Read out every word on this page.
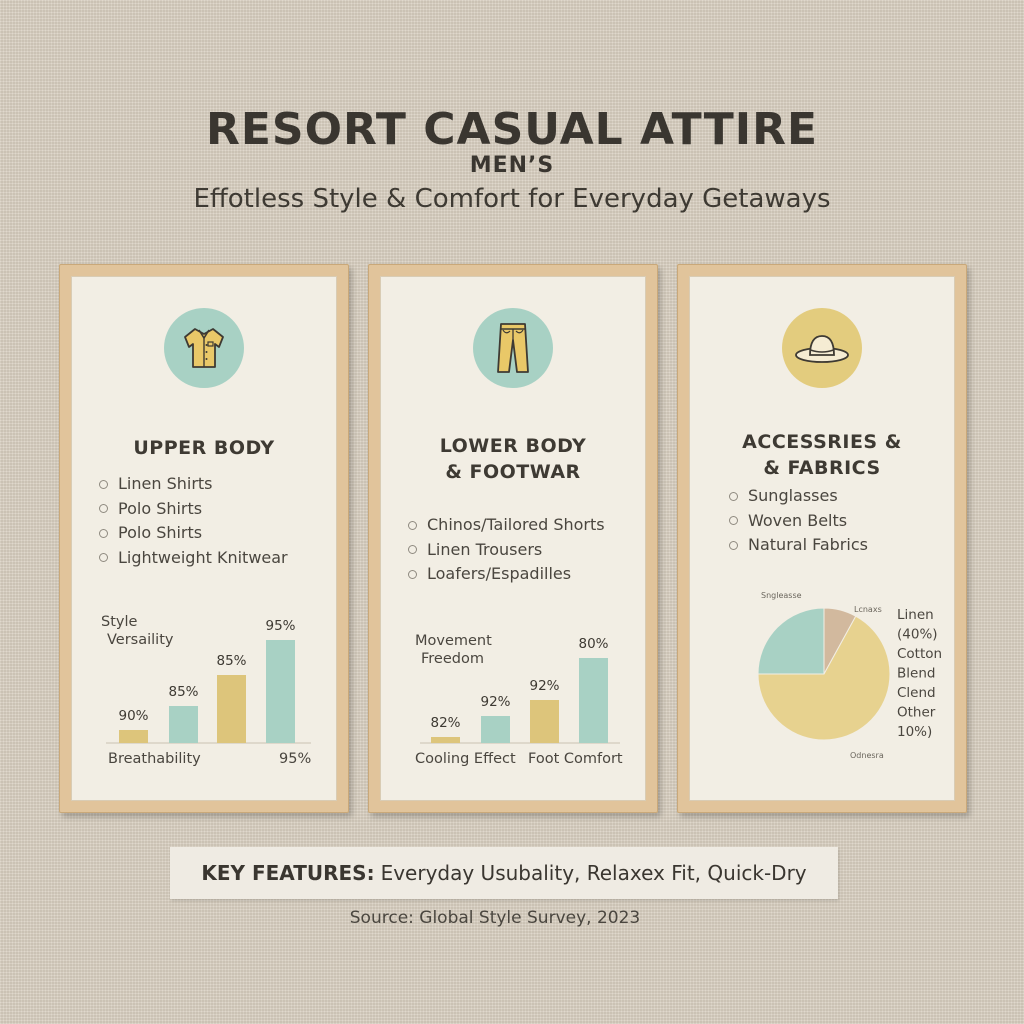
RESORT CASUAL ATTIRE
MEN’S
Effotless Style & Comfort for Everyday Getaways
UPPER BODY
Linen Shirts
Polo Shirts
Polo Shirts
Lightweight Knitwear
Style
Versaility
90%
85%
85%
95%
Breathability	95%
LOWER BODY
& FOOTWAR
Chinos/Tailored Shorts
Linen Trousers
Loafers/Espadilles
Movement
Freedom
82%
92%
92%
80%
Cooling Effect Foot Comfort
ACCESSRIES &
& FABRICS
Sunglasses
Woven Belts
Natural Fabrics
Sngleasse
Lcnaxs Linen
(40%)
Cotton
Blend
Clend
Other
10%)
Odnesra
KEY FEATURES: Everyday Usubality, Relaxex Fit, Quick-Dry
Source: Global Style Survey, 2023
